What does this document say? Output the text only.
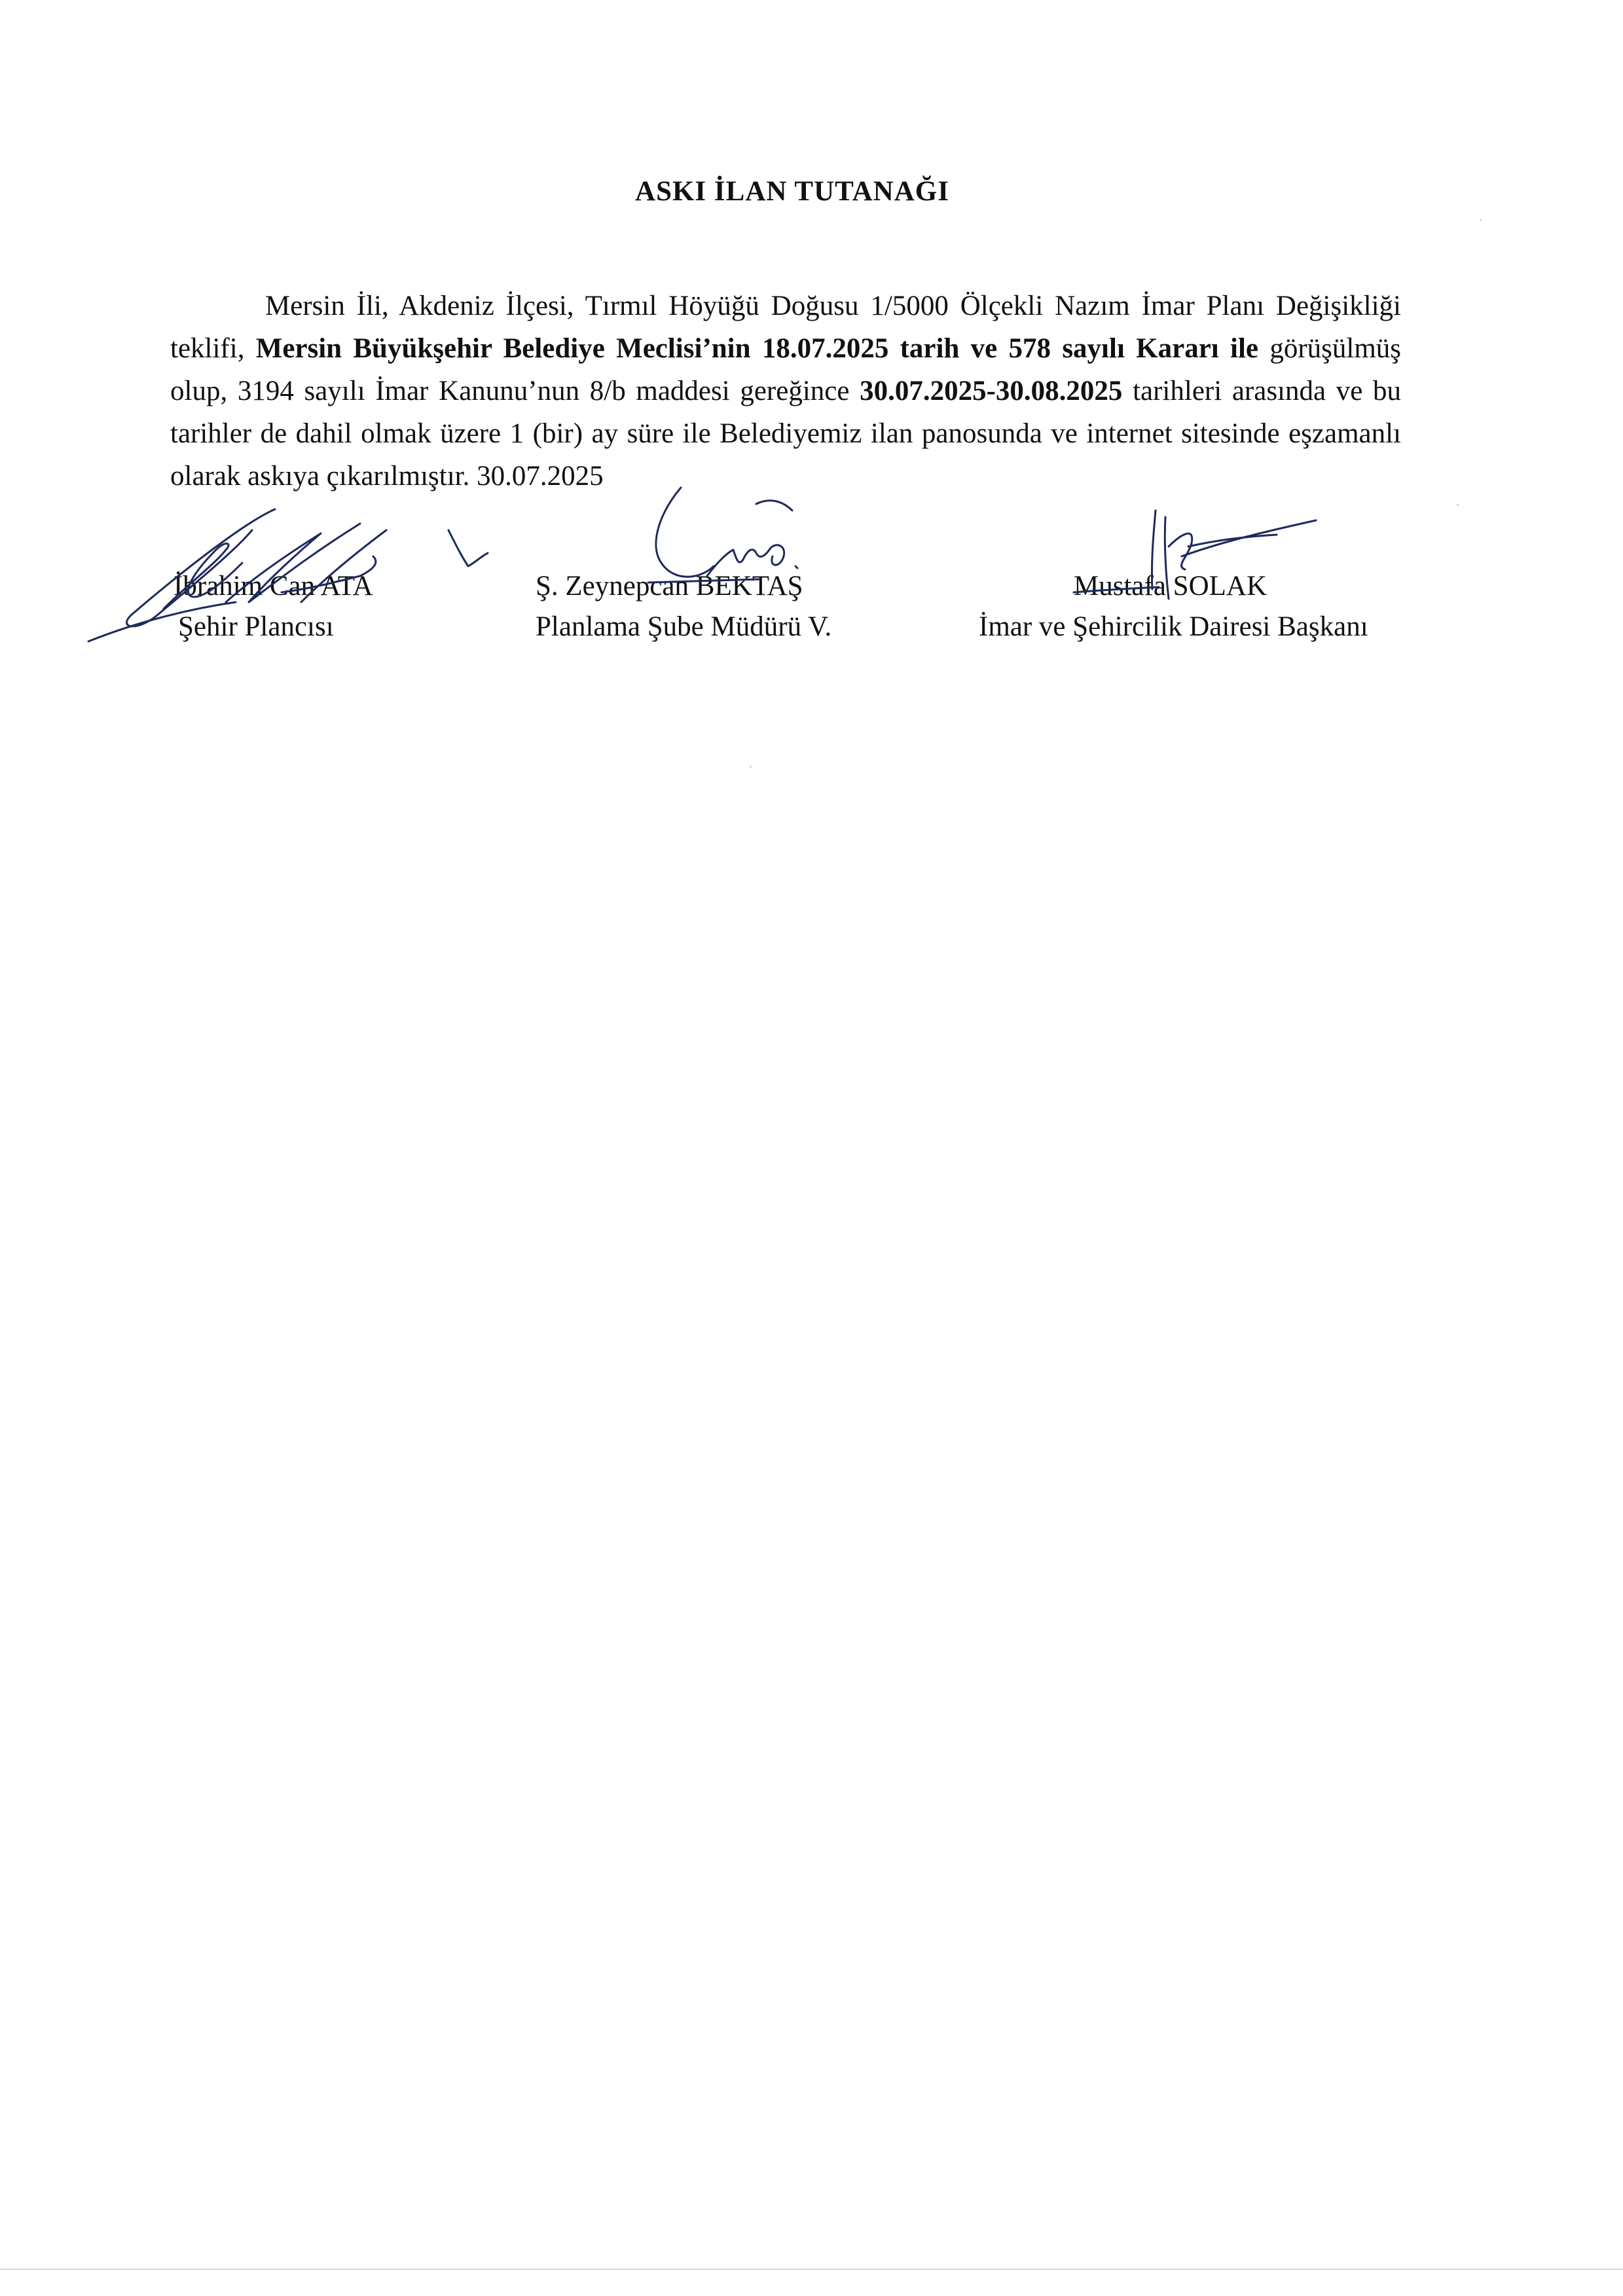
ASKI İLAN TUTANAĞI
Mersin İli, Akdeniz İlçesi, Tırmıl Höyüğü Doğusu 1/5000 Ölçekli Nazım İmar Planı Değişikliği teklifi, Mersin Büyükşehir Belediye Meclisi’nin 18.07.2025 tarih ve 578 sayılı Kararı ile görüşülmüş olup, 3194 sayılı İmar Kanunu’nun 8/b maddesi gereğince 30.07.2025-30.08.2025 tarihleri arasında ve bu tarihler de dahil olmak üzere 1 (bir) ay süre ile Belediyemiz ilan panosunda ve internet sitesinde eşzamanlı olarak askıya çıkarılmıştır. 30.07.2025
İbrahim Can ATA
Şehir Plancısı
Ş. Zeynepcan BEKTAŞ
Planlama Şube Müdürü V.
Mustafa SOLAK
İmar ve Şehircilik Dairesi Başkanı
